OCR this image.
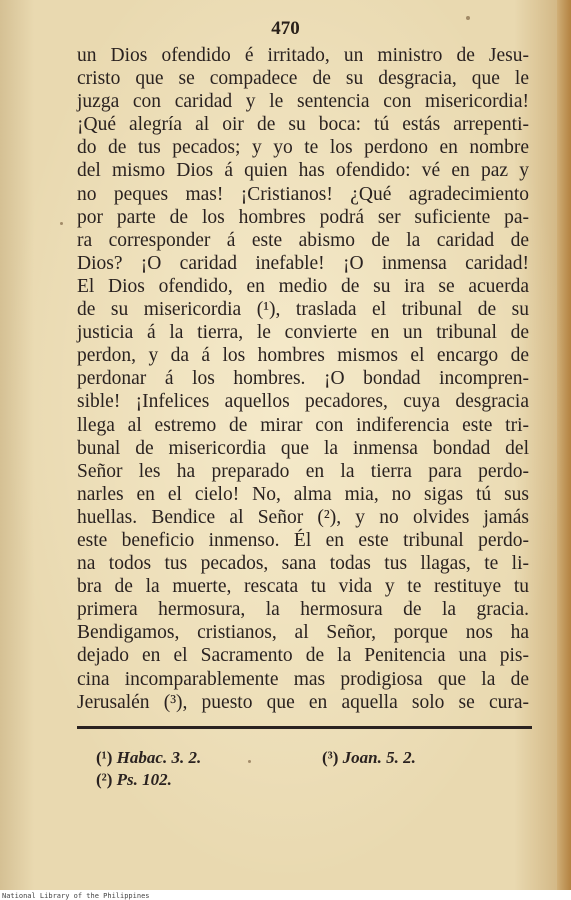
470
un Dios ofendido é irritado, un ministro de Jesu-
cristo que se compadece de su desgracia, que le
juzga con caridad y le sentencia con misericordia!
¡Qué alegría al oir de su boca: tú estás arrepenti-
do de tus pecados; y yo te los perdono en nombre
del mismo Dios á quien has ofendido: vé en paz y
no peques mas! ¡Cristianos! ¿Qué agradecimiento
por parte de los hombres podrá ser suficiente pa-
ra corresponder á este abismo de la caridad de
Dios? ¡O caridad inefable! ¡O inmensa caridad!
El Dios ofendido, en medio de su ira se acuerda
de su misericordia (¹), traslada el tribunal de su
justicia á la tierra, le convierte en un tribunal de
perdon, y da á los hombres mismos el encargo de
perdonar á los hombres. ¡O bondad incompren-
sible! ¡Infelices aquellos pecadores, cuya desgracia
llega al estremo de mirar con indiferencia este tri-
bunal de misericordia que la inmensa bondad del
Señor les ha preparado en la tierra para perdo-
narles en el cielo! No, alma mia, no sigas tú sus
huellas. Bendice al Señor (²), y no olvides jamás
este beneficio inmenso. Él en este tribunal perdo-
na todos tus pecados, sana todas tus llagas, te li-
bra de la muerte, rescata tu vida y te restituye tu
primera hermosura, la hermosura de la gracia.
Bendigamos, cristianos, al Señor, porque nos ha
dejado en el Sacramento de la Penitencia una pis-
cina incomparablemente mas prodigiosa que la de
Jerusalén (³), puesto que en aquella solo se cura-
(¹) Habac. 3. 2.
(²) Ps. 102.
(³) Joan. 5. 2.
National Library of the Philippines
